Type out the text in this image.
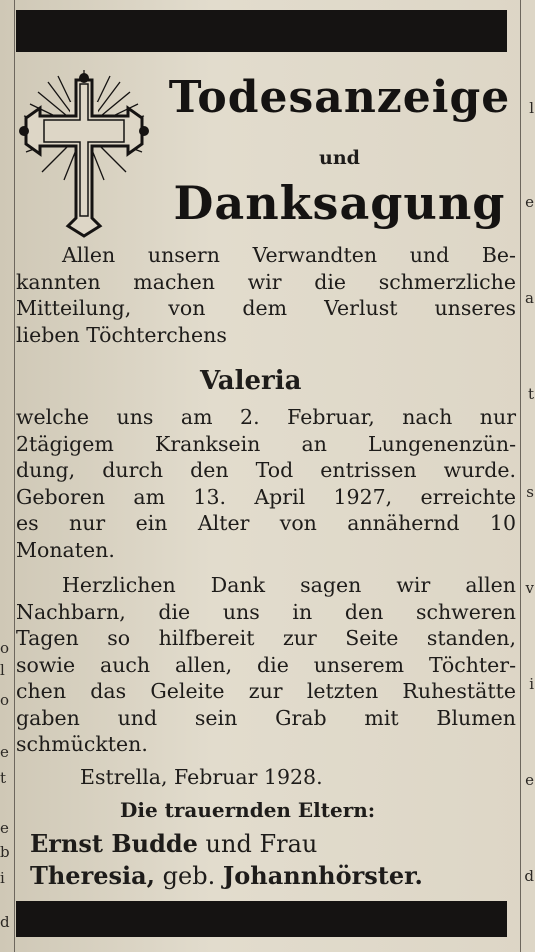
o
l
o
e
t
e
b
i
d
l
e
a
t
s
v
i
e
d
Todesanzeige
und
Danksagung
Allen unsern Verwandten und Be-
kannten machen wir die schmerzliche
Mitteilung, von dem Verlust unseres
lieben Töchterchens
Valeria
welche uns am 2. Februar, nach nur
2tägigem Kranksein an Lungenenzün-
dung, durch den Tod entrissen wurde.
Geboren am 13. April 1927, erreichte
es nur ein Alter von annähernd 10
Monaten.
Herzlichen Dank sagen wir allen
Nachbarn, die uns in den schweren
Tagen so hilfbereit zur Seite standen,
sowie auch allen, die unserem Töchter-
chen das Geleite zur letzten Ruhestätte
gaben und sein Grab mit Blumen
schmückten.
Estrella, Februar 1928.
Die trauernden Eltern:
Ernst Budde und Frau
Theresia, geb. Johannhörster.
